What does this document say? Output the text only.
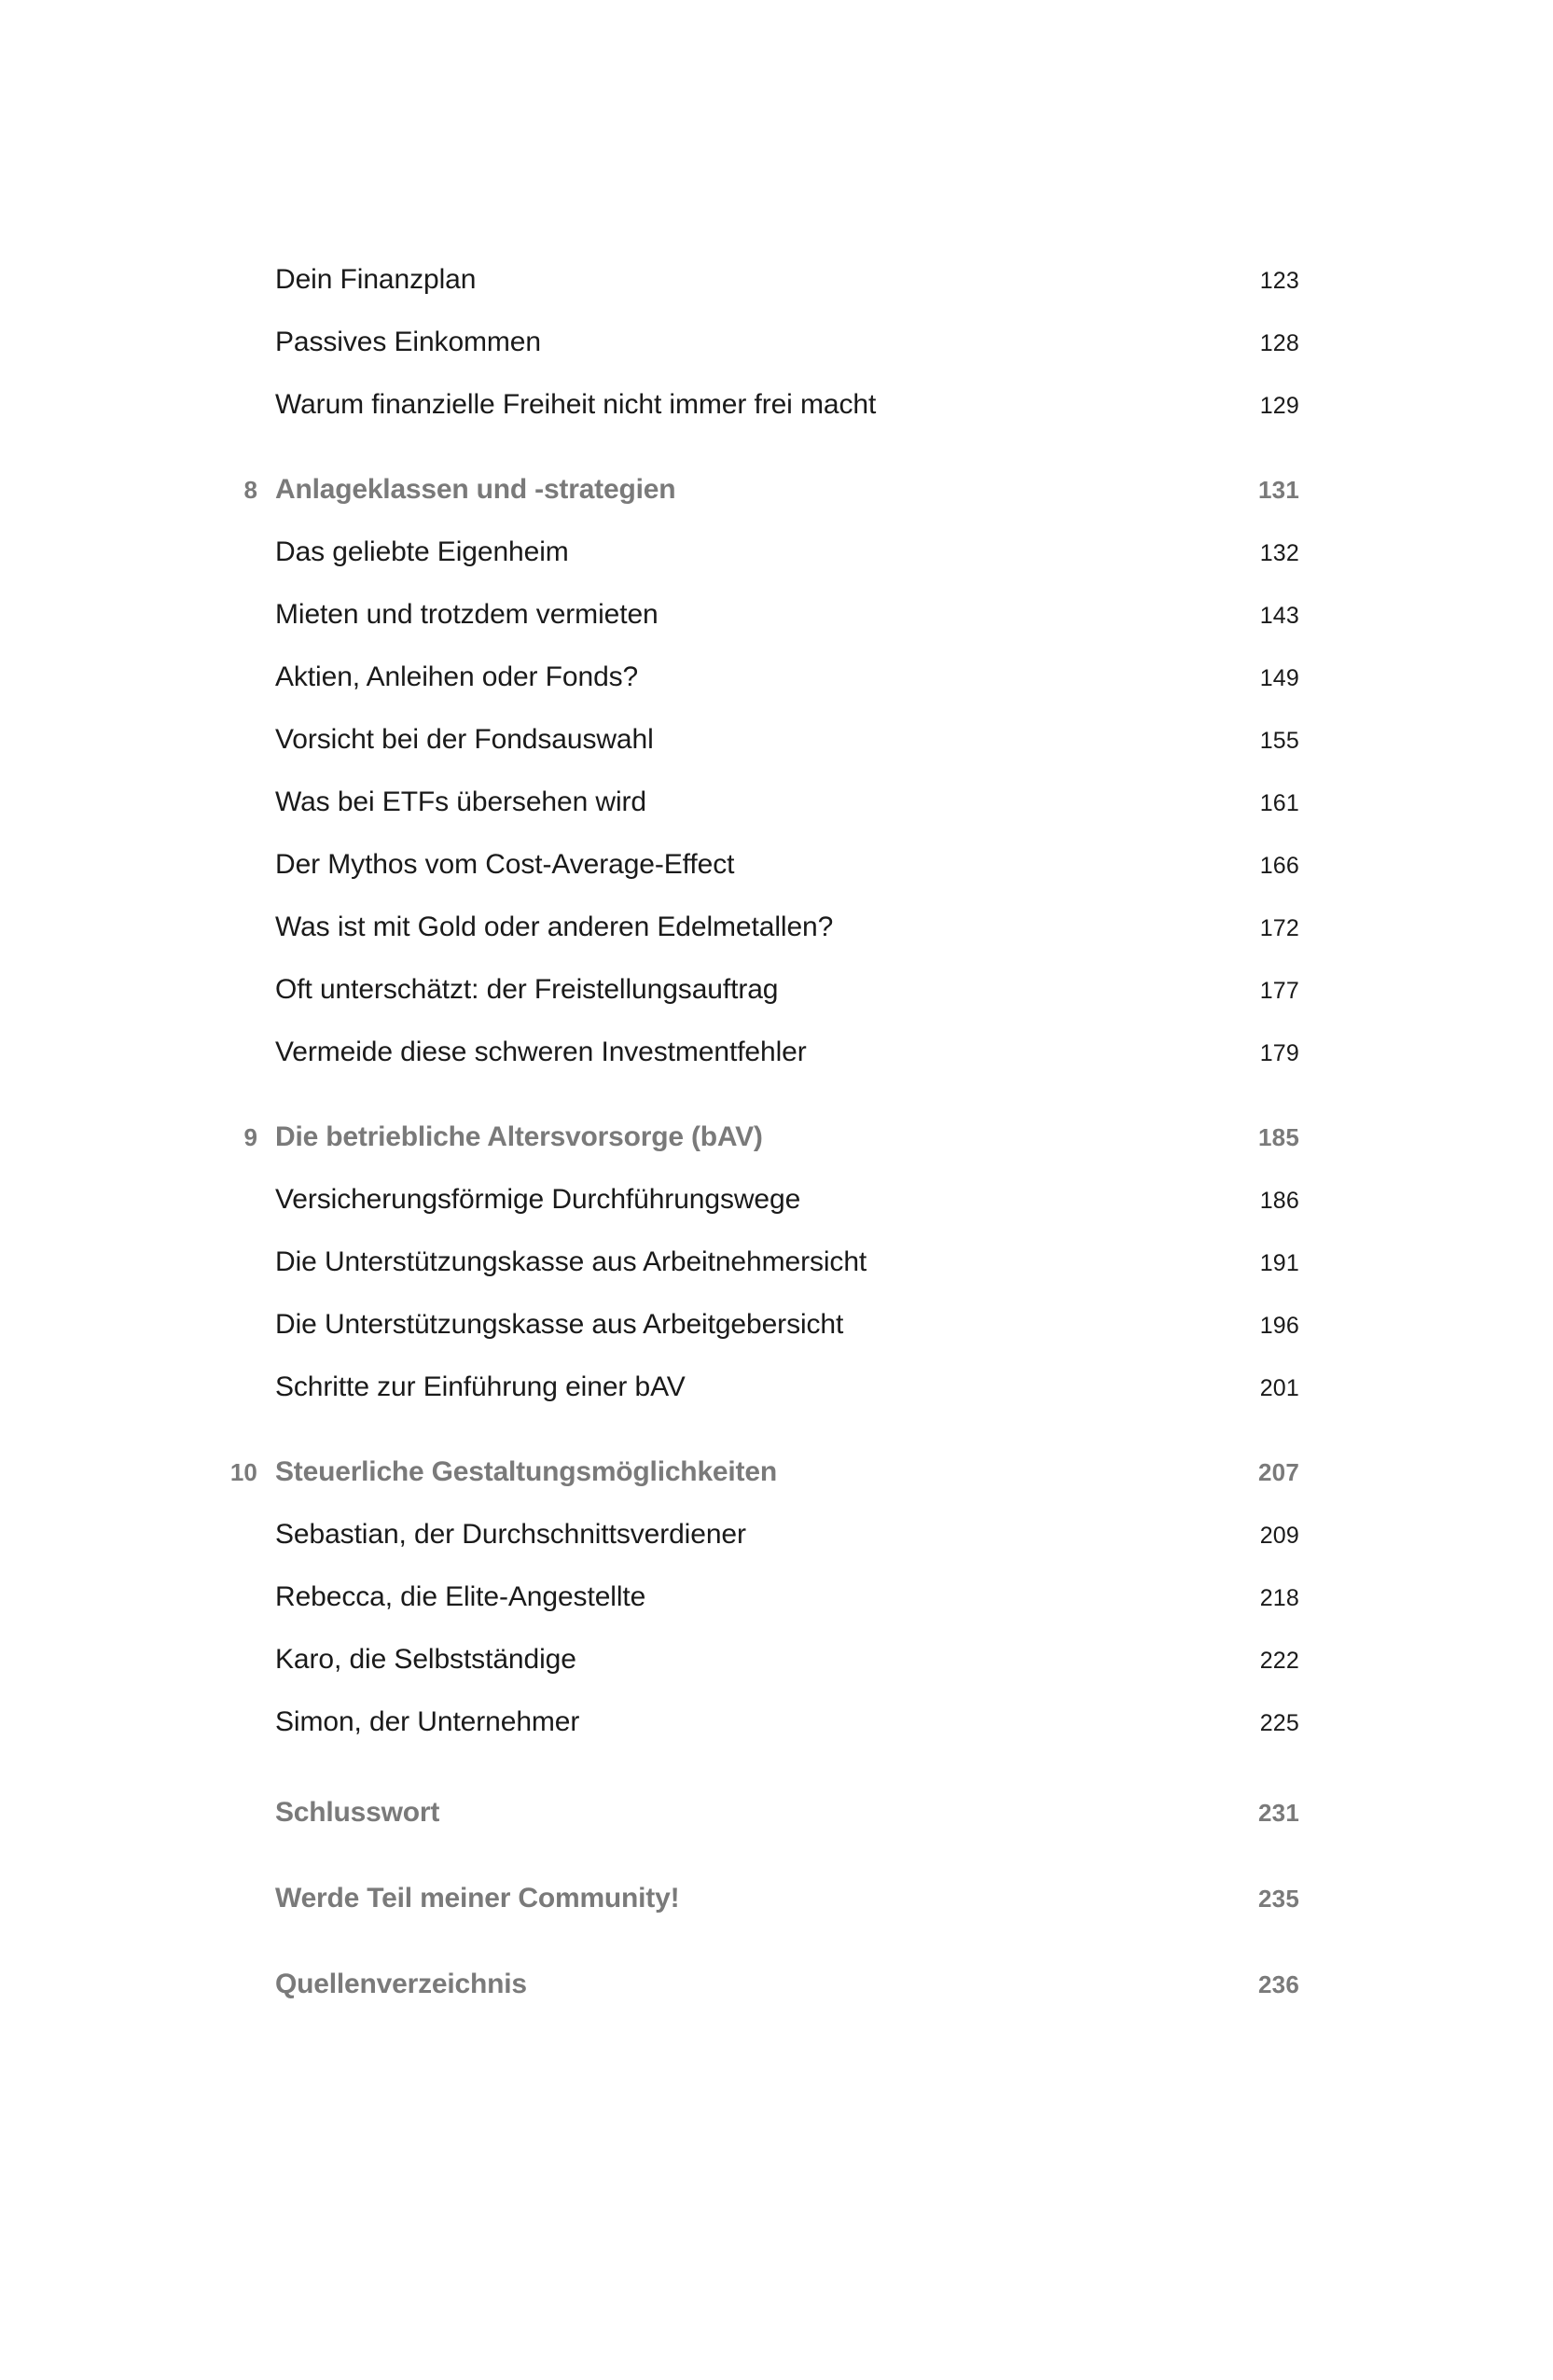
Dein Finanzplan	123
Passives Einkommen	128
Warum finanzielle Freiheit nicht immer frei macht	129
8 Anlageklassen und -strategien	131
Das geliebte Eigenheim	132
Mieten und trotzdem vermieten	143
Aktien, Anleihen oder Fonds?	149
Vorsicht bei der Fondsauswahl	155
Was bei ETFs übersehen wird	161
Der Mythos vom Cost-Average-Effect	166
Was ist mit Gold oder anderen Edelmetallen?	172
Oft unterschätzt: der Freistellungsauftrag	177
Vermeide diese schweren Investmentfehler	179
9 Die betriebliche Altersvorsorge (bAV)	185
Versicherungsförmige Durchführungswege	186
Die Unterstützungskasse aus Arbeitnehmersicht	191
Die Unterstützungskasse aus Arbeitgebersicht	196
Schritte zur Einführung einer bAV	201
10 Steuerliche Gestaltungsmöglichkeiten	207
Sebastian, der Durchschnittsverdiener	209
Rebecca, die Elite-Angestellte	218
Karo, die Selbstständige	222
Simon, der Unternehmer	225
Schlusswort	231
Werde Teil meiner Community!	235
Quellenverzeichnis	236
